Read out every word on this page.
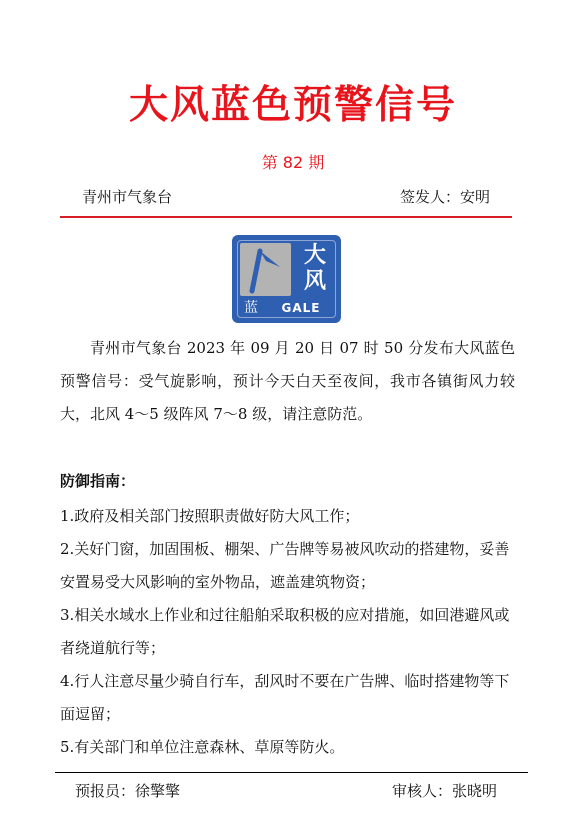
大风蓝色预警信号
第 82 期
青州市气象台	签发人：安明
大
风
蓝	GALE
青州市气象台 2023 年 09 月 20 日 07 时 50 分发布大风蓝色预警信号：受气旋影响，预计今天白天至夜间，我市各镇街风力较大，北风 4～5 级阵风 7～8 级，请注意防范。
防御指南：
1.政府及相关部门按照职责做好防大风工作；
2.关好门窗，加固围板、棚架、广告牌等易被风吹动的搭建物，妥善安置易受大风影响的室外物品，遮盖建筑物资；
3.相关水域水上作业和过往船舶采取积极的应对措施，如回港避风或者绕道航行等；
4.行人注意尽量少骑自行车，刮风时不要在广告牌、临时搭建物等下面逗留；
5.有关部门和单位注意森林、草原等防火。
预报员：徐擎擎	审核人：张晓明
